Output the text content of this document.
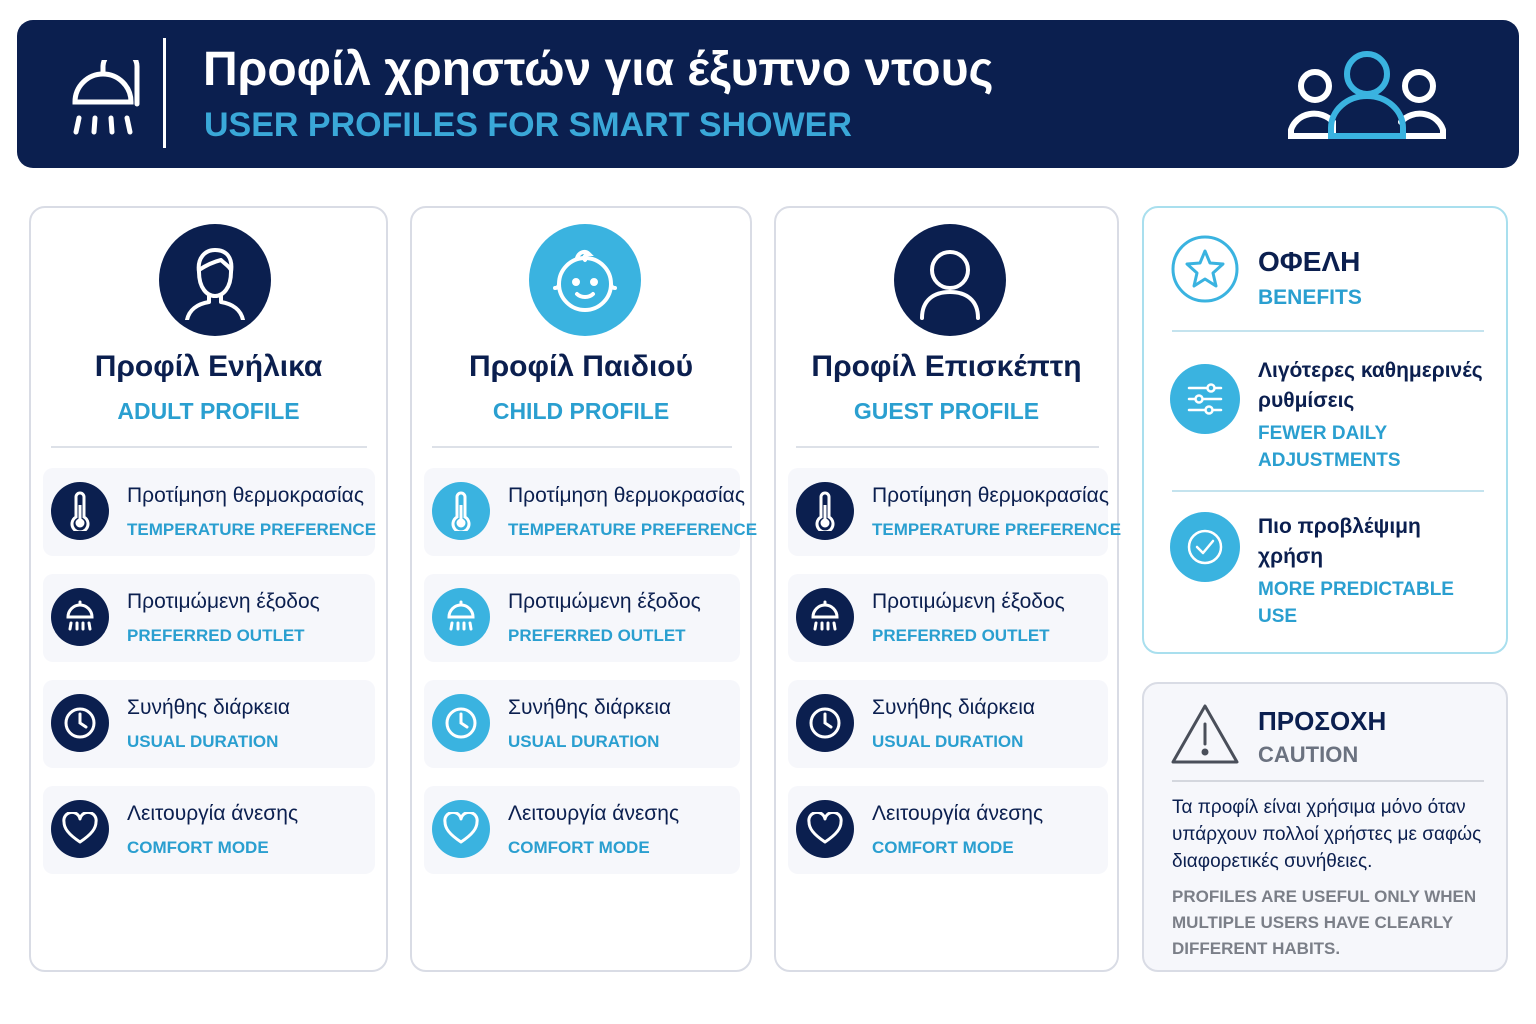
Προφίλ χρηστών για έξυπνο ντους
USER PROFILES FOR SMART SHOWER
Προφίλ Ενήλικα
ADULT PROFILE
Προτίμηση θερμοκρασίας
TEMPERATURE PREFERENCE
Προτιμώμενη έξοδος
PREFERRED OUTLET
Συνήθης διάρκεια
USUAL DURATION
Λειτουργία άνεσης
COMFORT MODE
Προφίλ Παιδιού
CHILD PROFILE
Προτίμηση θερμοκρασίας
TEMPERATURE PREFERENCE
Προτιμώμενη έξοδος
PREFERRED OUTLET
Συνήθης διάρκεια
USUAL DURATION
Λειτουργία άνεσης
COMFORT MODE
Προφίλ Επισκέπτη
GUEST PROFILE
Προτίμηση θερμοκρασίας
TEMPERATURE PREFERENCE
Προτιμώμενη έξοδος
PREFERRED OUTLET
Συνήθης διάρκεια
USUAL DURATION
Λειτουργία άνεσης
COMFORT MODE
ΟΦΕΛΗ
BENEFITS
Λιγότερες καθημερινές ρυθμίσεις
FEWER DAILY ADJUSTMENTS
Πιο προβλέψιμη χρήση
MORE PREDICTABLE USE
ΠΡΟΣΟΧΗ
CAUTION
Τα προφίλ είναι χρήσιμα μόνο όταν υπάρχουν πολλοί χρήστες με σαφώς διαφορετικές συνήθειες.
PROFILES ARE USEFUL ONLY WHEN MULTIPLE USERS HAVE CLEARLY DIFFERENT HABITS.
